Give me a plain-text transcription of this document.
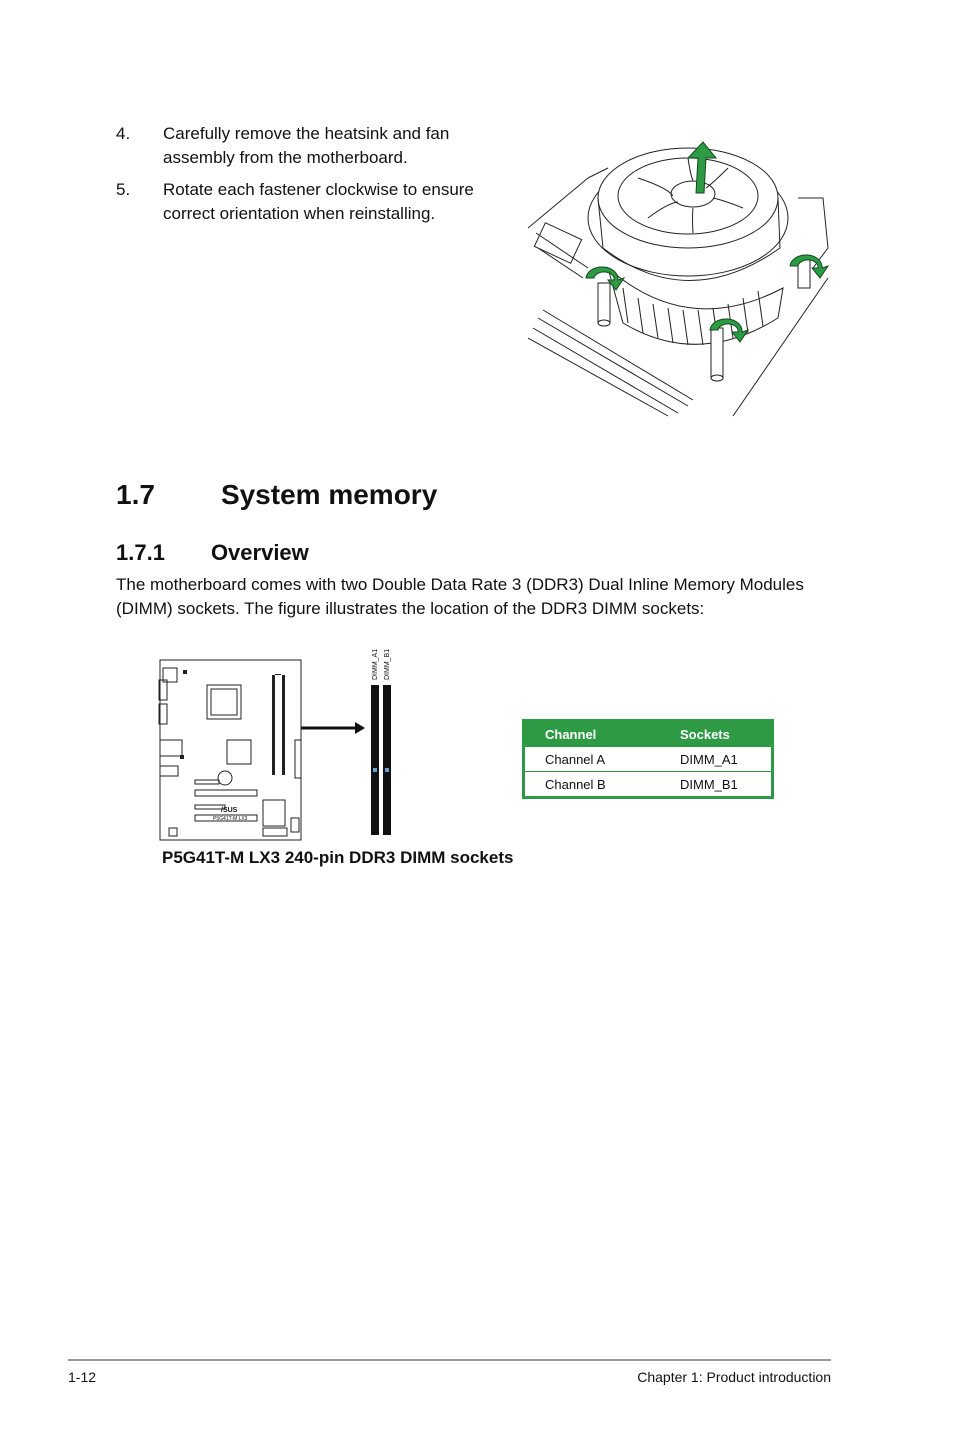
4.	Carefully remove the heatsink and fan assembly from the motherboard.
5.	Rotate each fastener clockwise to ensure correct orientation when reinstalling.
1.7 System memory
1.7.1 Overview
The motherboard comes with two Double Data Rate 3 (DDR3) Dual Inline Memory Modules (DIMM) sockets. The figure illustrates the location of the DDR3 DIMM sockets:
/SUS
P5G41T-M LX3
DIMM_A1 DIMM_B1
P5G41T-M LX3 240-pin DDR3 DIMM sockets
Channel	Sockets
Channel A	DIMM_A1
Channel B	DIMM_B1
1-12	Chapter 1: Product introduction
